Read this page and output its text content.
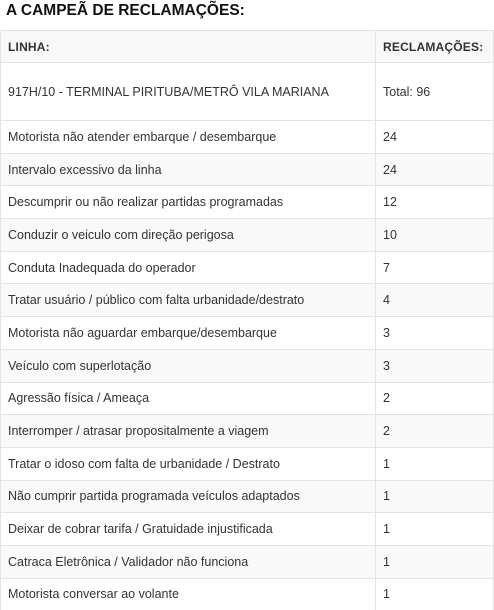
A CAMPEÃ DE RECLAMAÇÕES:
LINHA:	RECLAMAÇÕES:
917H/10 - TERMINAL PIRITUBA/METRÔ VILA MARIANA	Total: 96
Motorista não atender embarque / desembarque	24
Intervalo excessivo da linha	24
Descumprir ou não realizar partidas programadas	12
Conduzir o veiculo com direção perigosa	10
Conduta Inadequada do operador	7
Tratar usuário / público com falta urbanidade/destrato	4
Motorista não aguardar embarque/desembarque	3
Veículo com superlotação	3
Agressão física / Ameaça	2
Interromper / atrasar propositalmente a viagem	2
Tratar o idoso com falta de urbanidade / Destrato	1
Não cumprir partida programada veículos adaptados	1
Deixar de cobrar tarifa / Gratuidade injustificada	1
Catraca Eletrônica / Validador não funciona	1
Motorista conversar ao volante	1
